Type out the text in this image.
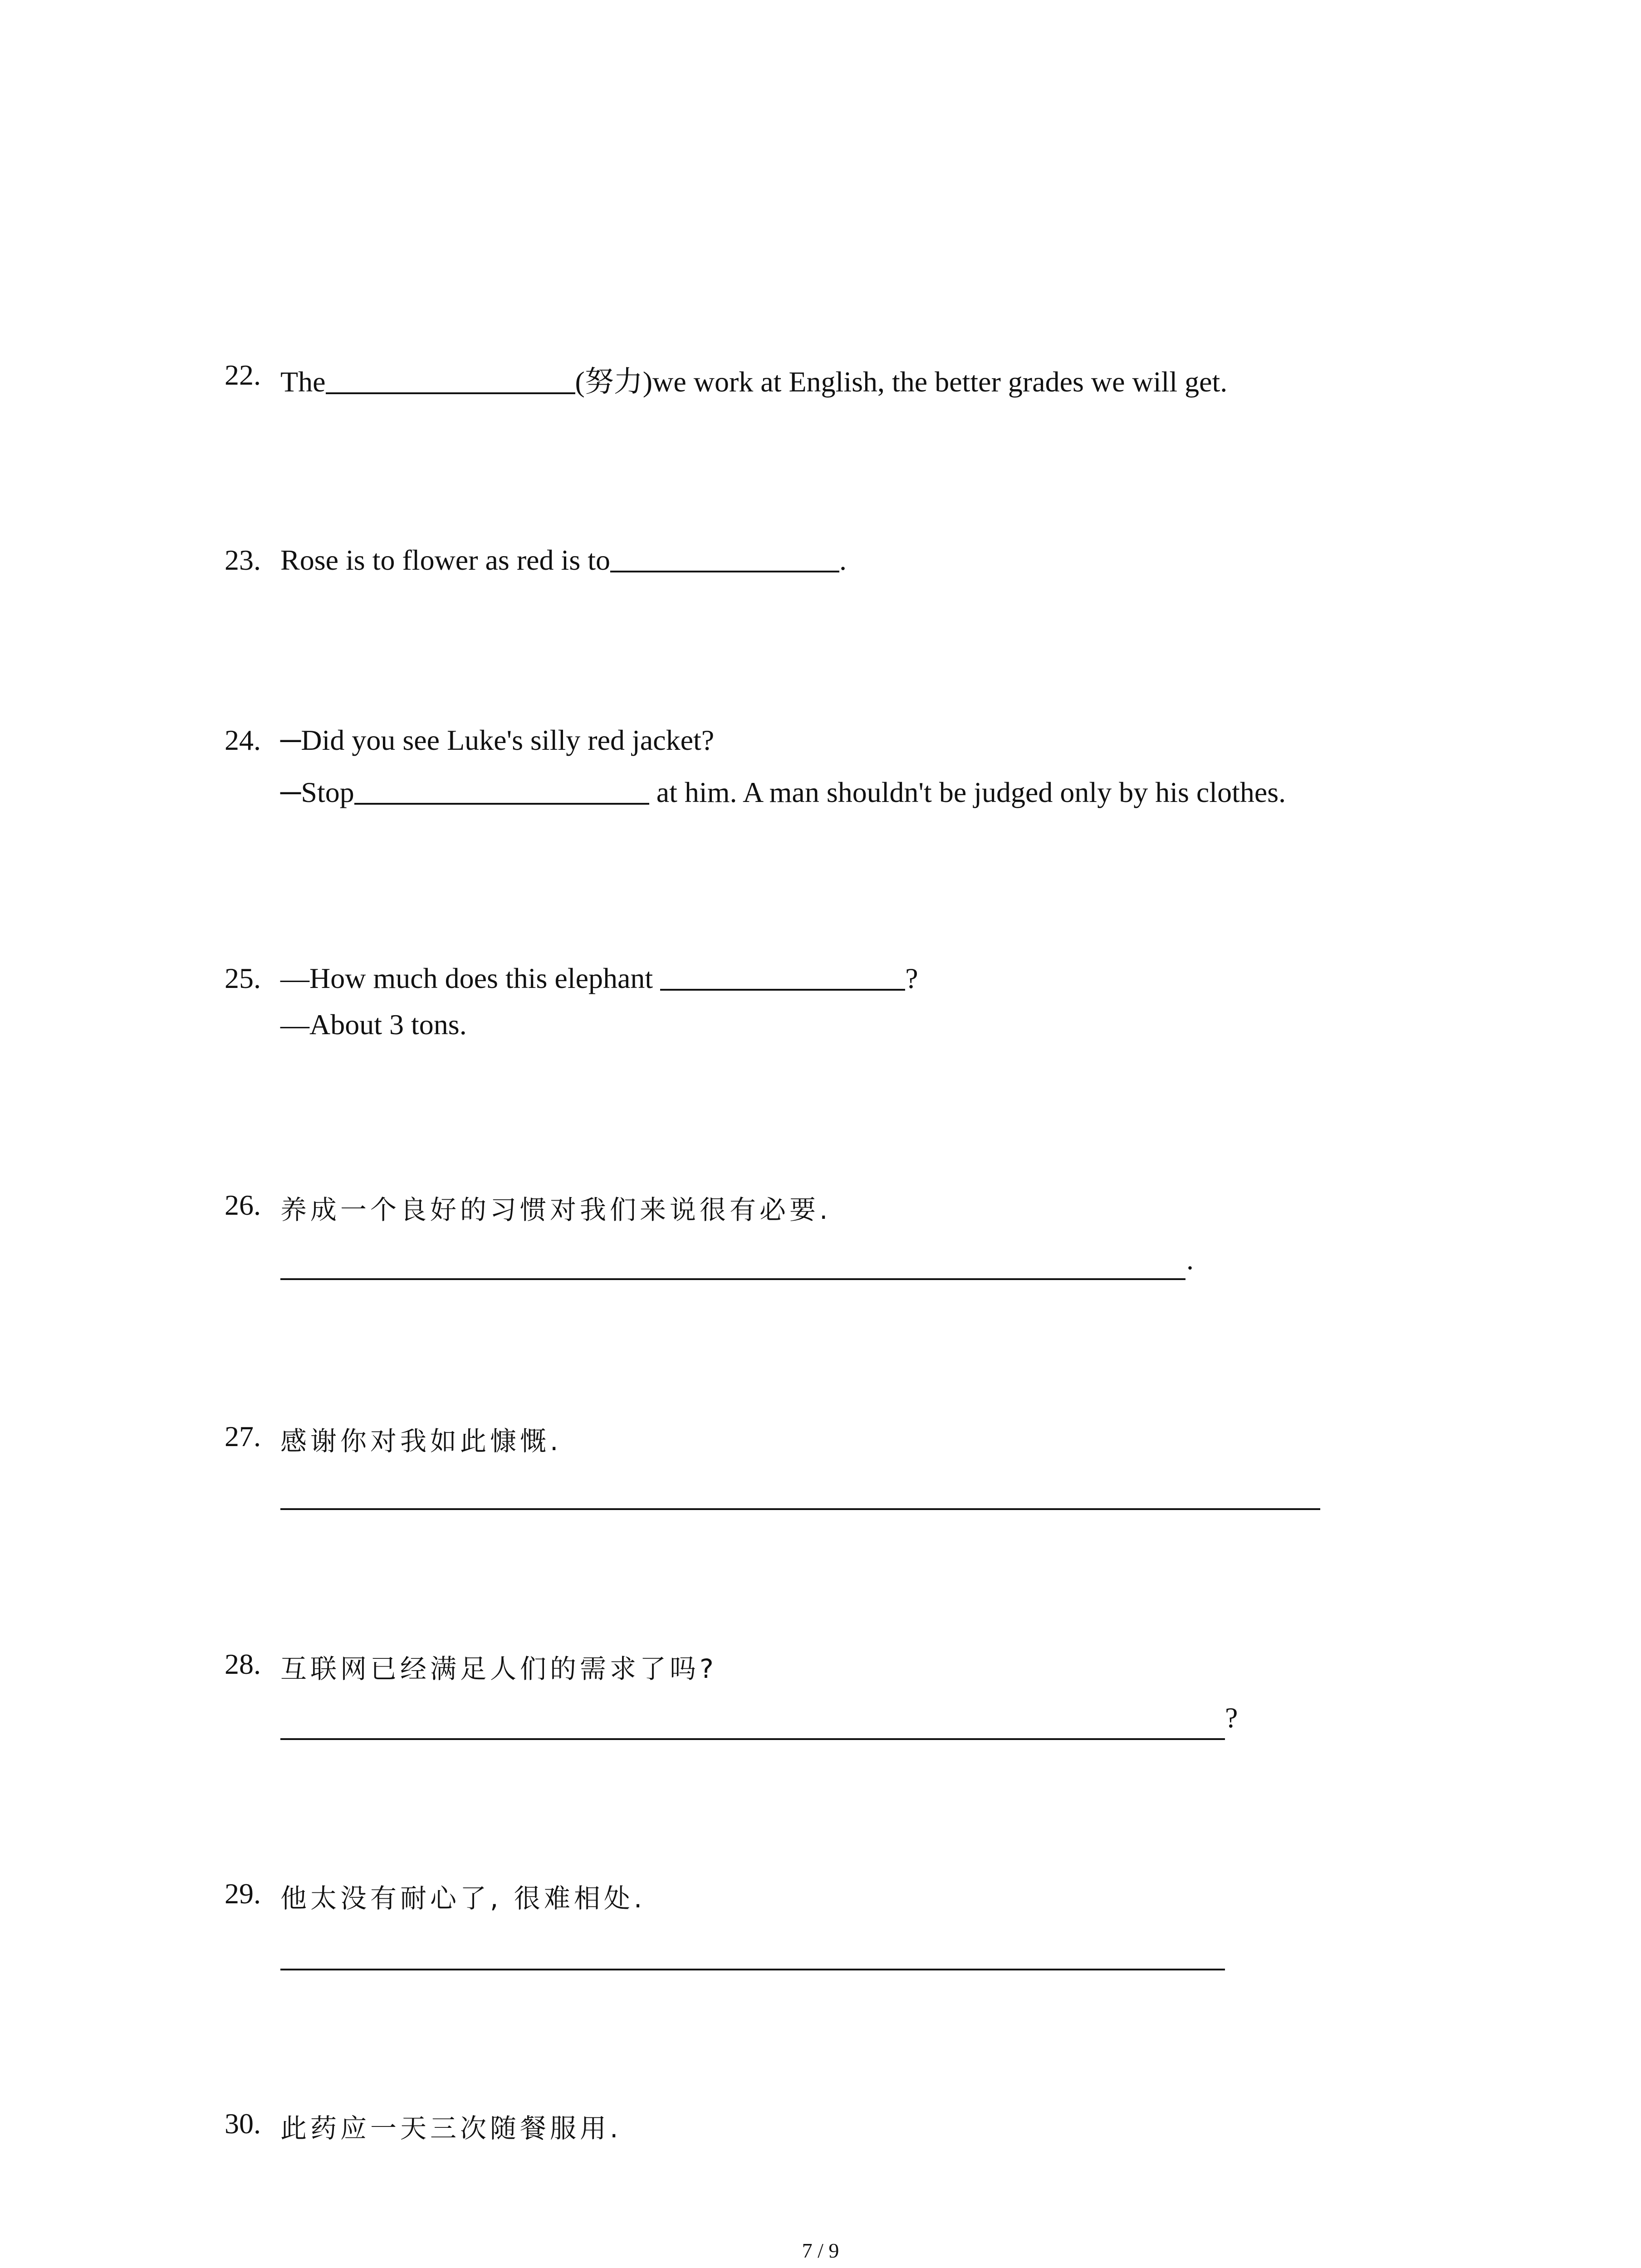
22. The	(努力)we work at English, the better grades we will get.
23. Rose is to flower as red is to	.
24. ─Did you see Luke's silly red jacket?
─Stop	at him. A man shouldn't be judged only by his clothes.
25. —How much does this elephant	?
—About 3 tons.
26. 养成一个良好的习惯对我们来说很有必要.
.
27. 感谢你对我如此慷慨.
28. 互联网已经满足人们的需求了吗?
?
29. 他太没有耐心了, 很难相处.
30. 此药应一天三次随餐服用.
7 / 9
